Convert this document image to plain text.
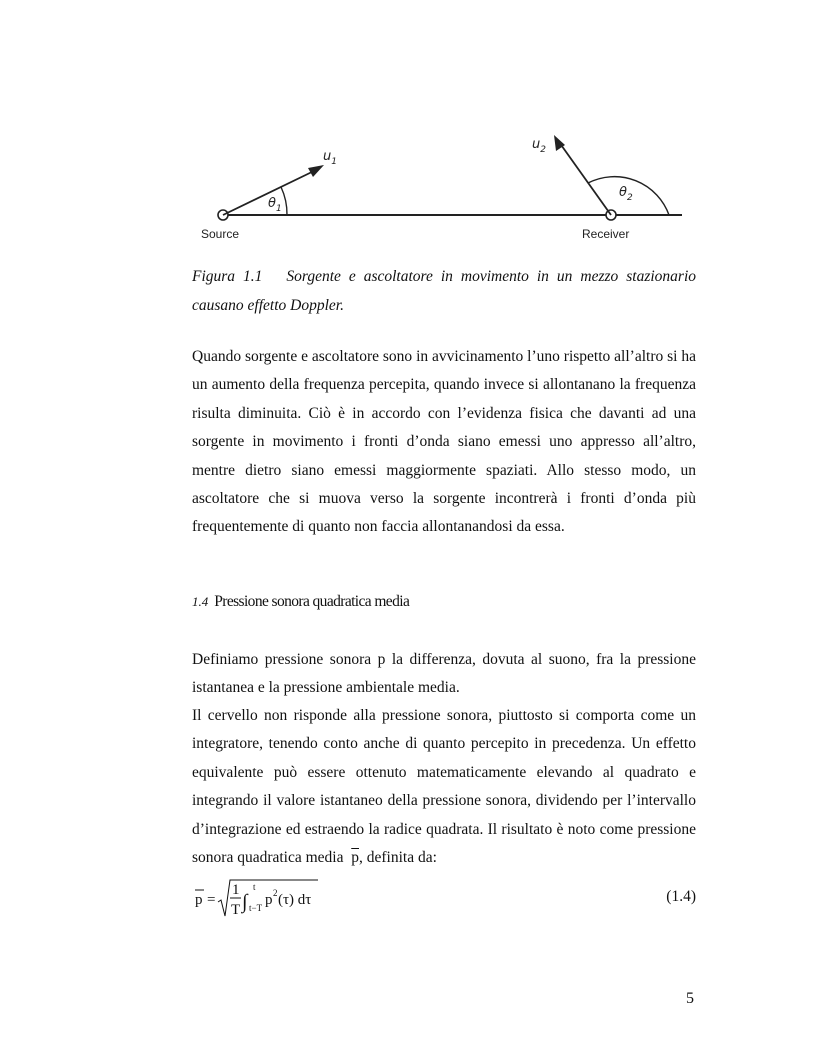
$u_1$
$\theta_1$
$u_2$
$\theta_2$
Source	Receiver
Figura 1.1 Sorgente e ascoltatore in movimento in un mezzo stazionario causano effetto Doppler.

Quando sorgente e ascoltatore sono in avvicinamento l’uno rispetto all’altro si ha un aumento della frequenza percepita, quando invece si allontanano la frequenza risulta diminuita. Ciò è in accordo con l’evidenza fisica che davanti ad una sorgente in movimento i fronti d’onda siano emessi uno appresso all’altro, mentre dietro siano emessi maggiormente spaziati. Allo stesso modo, un ascoltatore che si muova verso la sorgente incontrerà i fronti d’onda più frequentemente di quanto non faccia allontanandosi da essa.

1.4 Pressione sonora quadratica media

Definiamo pressione sonora p la differenza, dovuta al suono, fra la pressione istantanea e la pressione ambientale media.

Il cervello non risponde alla pressione sonora, piuttosto si comporta come un integratore, tenendo conto anche di quanto percepito in precedenza. Un effetto equivalente può essere ottenuto matematicamente elevando al quadrato e integrando il valore istantaneo della pressione sonora, dividendo per l’intervallo d’integrazione ed estraendo la radice quadrata. Il risultato è noto come pressione sonora quadratica media $\overline{p}$, definita da:

p =
1
T ∫
t
t−T p 2 (τ) dτ	(1.4)
5
